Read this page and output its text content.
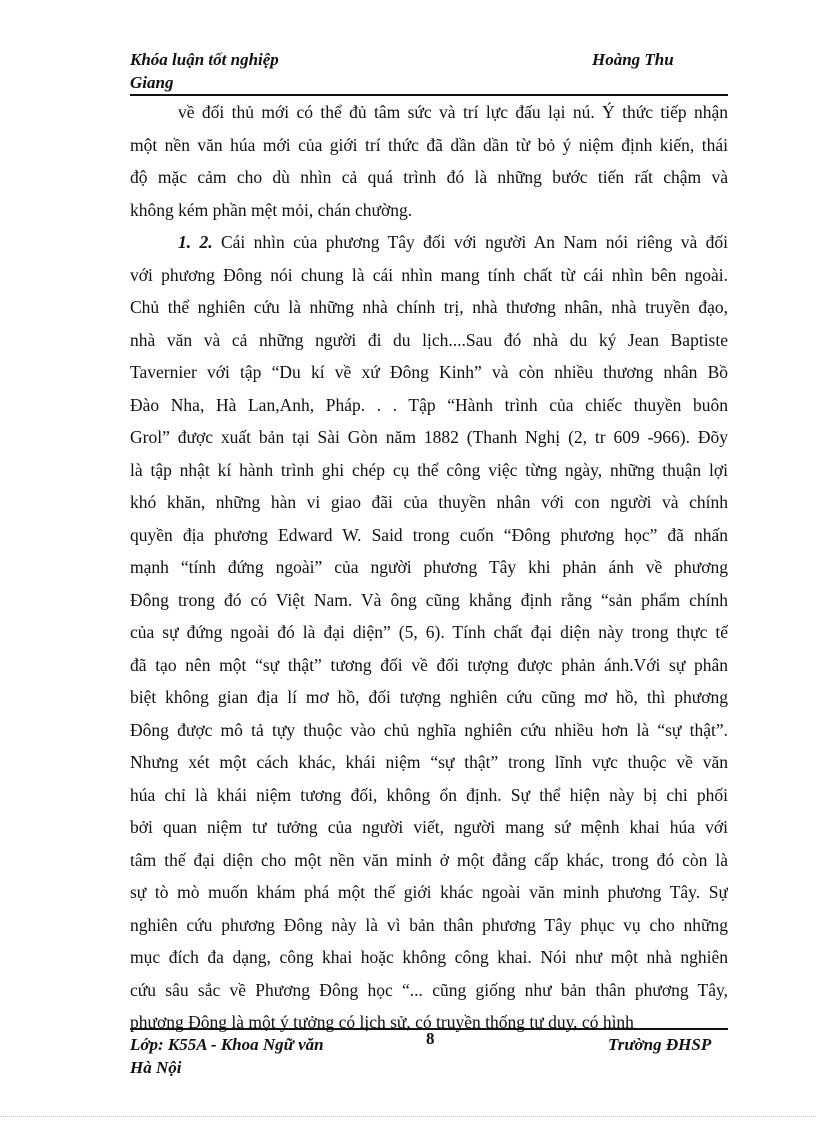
Khóa luận tốt nghiệp	Hoàng Thu
Giang
về đối thủ mới có thể đủ tâm sức và trí lực đấu lại nú. Ý thức tiếp nhận
một nền văn húa mới của giới trí thức đã dần dần từ bỏ ý niệm định kiến, thái
độ mặc cảm cho dù nhìn cả quá trình đó là những bước tiến rất chậm và
không kém phần mệt mỏi, chán chường.
1. 2. Cái nhìn của phương Tây đối với người An Nam nói riêng và đối
với phương Đông nói chung là cái nhìn mang tính chất từ cái nhìn bên ngoài.
Chủ thể nghiên cứu là những nhà chính trị, nhà thương nhân, nhà truyền đạo,
nhà văn và cả những người đi du lịch....Sau đó nhà du ký Jean Baptiste
Tavernier với tập “Du kí về xứ Đông Kinh” và còn nhiều thương nhân Bồ
Đào Nha, Hà Lan,Anh, Pháp. . . Tập “Hành trình của chiếc thuyền buôn
Grol” được xuất bản tại Sài Gòn năm 1882 (Thanh Nghị (2, tr 609 -966). Đõy
là tập nhật kí hành trình ghi chép cụ thể công việc từng ngày, những thuận lợi
khó khăn, những hàn vi giao đãi của thuyền nhân với con người và chính
quyền địa phương Edward W. Said trong cuốn “Đông phương học” đã nhấn
mạnh “tính đứng ngoài” của người phương Tây khi phản ánh về phương
Đông trong đó có Việt Nam. Và ông cũng khẳng định rằng “sản phẩm chính
của sự đứng ngoài đó là đại diện” (5, 6). Tính chất đại diện này trong thực tế
đã tạo nên một “sự thật” tương đối về đối tượng được phản ánh.Với sự phân
biệt không gian địa lí mơ hồ, đối tượng nghiên cứu cũng mơ hồ, thì phương
Đông được mô tả tựy thuộc vào chủ nghĩa nghiên cứu nhiều hơn là “sự thật”.
Nhưng xét một cách khác, khái niệm “sự thật” trong lĩnh vực thuộc về văn
húa chỉ là khái niệm tương đối, không ổn định. Sự thể hiện này bị chi phối
bởi quan niệm tư tưởng của người viết, người mang sứ mệnh khai húa với
tâm thế đại diện cho một nền văn minh ở một đẳng cấp khác, trong đó còn là
sự tò mò muốn khám phá một thế giới khác ngoài văn minh phương Tây. Sự
nghiên cứu phương Đông này là vì bản thân phương Tây phục vụ cho những
mục đích đa dạng, công khai hoặc không công khai. Nói như một nhà nghiên
cứu sâu sắc về Phương Đông học “... cũng giống như bản thân phương Tây,
phương Đông là một ý tưởng có lịch sử, có truyền thống tư duy, có hình
Lớp: K55A - Khoa Ngữ văn	8	Trường ĐHSP
Hà Nội
